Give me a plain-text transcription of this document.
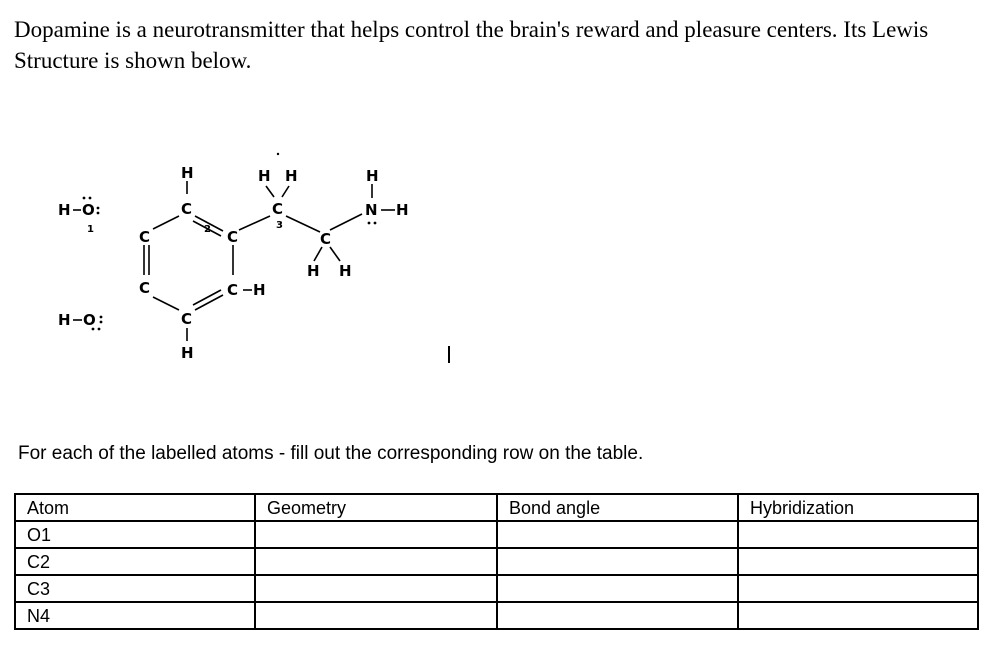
Dopamine is a neurotransmitter that helps control the brain's reward and pleasure centers. Its Lewis Structure is shown below.

H O
1
H
C
2
C	C
H H
C
3
H
N H
C
H H
C	C H
H O	C
H

For each of the labelled atoms - fill out the corresponding row on the table.

Atom	Geometry	Bond angle	Hybridization
O1			
C2			
C3			
N4			
